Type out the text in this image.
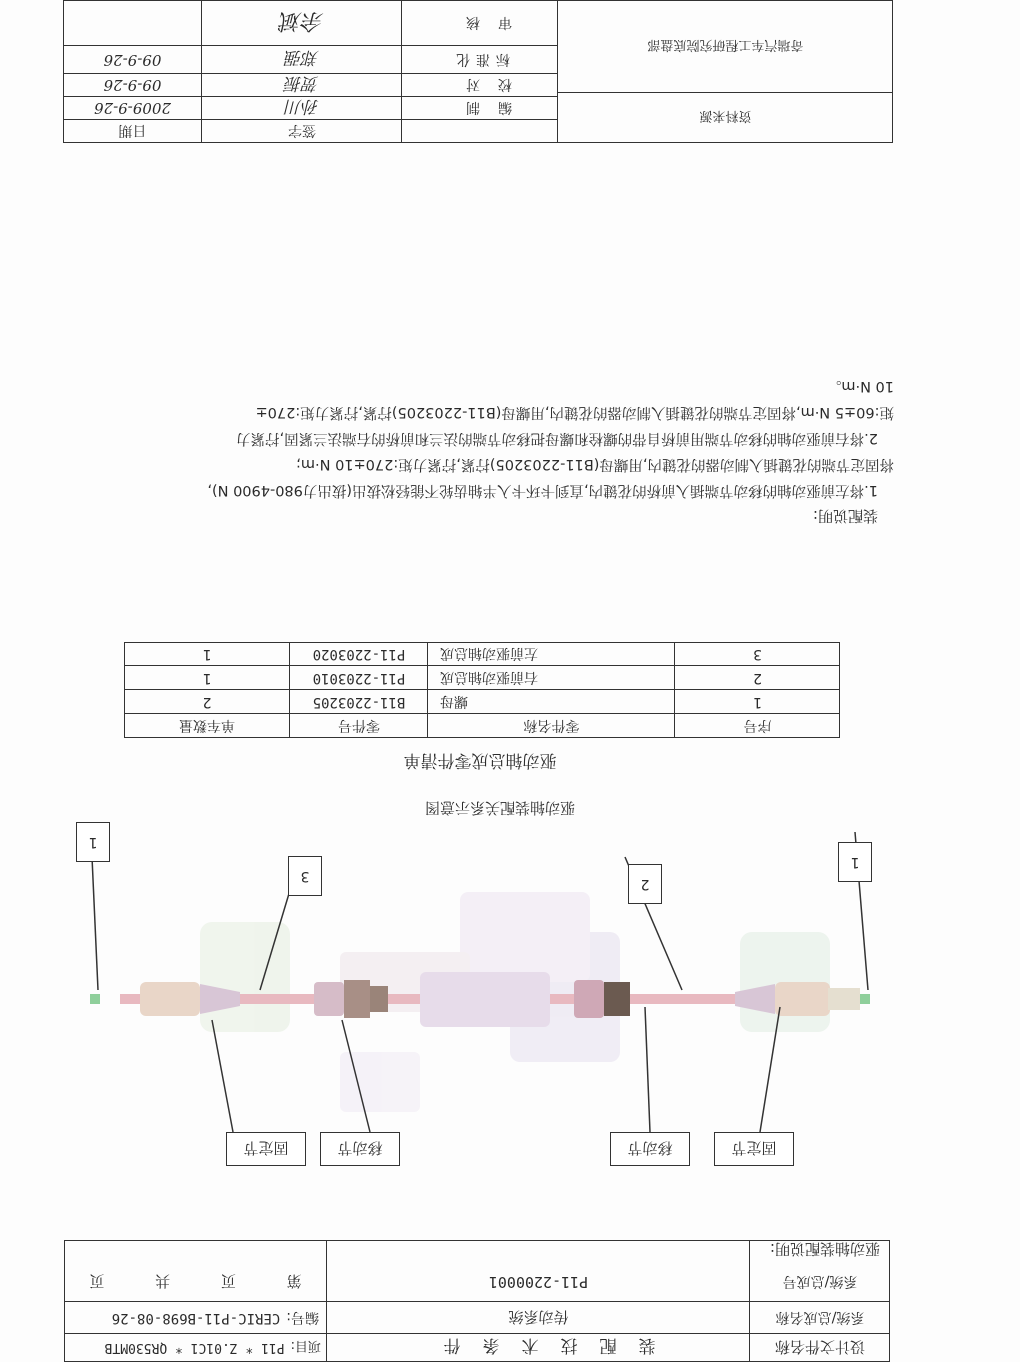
设计文件名称
装配技术条件
项目:
P11 * Z.01C1 * QR530MTB
系统/总成名称
传动系统
编号:
CERIC-P11-B698-08-26
系统/总成号
P11-2200001
第
页
共
页
驱动轴装配说明:
固定节
移动节
移动节
固定节
1
2
3
1
驱动轴装配关系示意图
驱动轴总成零件清单
序号
零件名称
零件号
单车数量
1
螺母
B11-2203205
2
2
右前驱动轴总成
P11-2203010
1
3
左前驱动轴总成
P11-2203020
1
装配说明:
1.将左前驱动轴的移动节端插入前桥的花键内,直到卡环卡入半轴齿轮不能轻松拔出(拔出力980-4900 N),
将固定节端的花键插入制动器的花键内,用螺母(B11-2203205)拧紧,拧紧力矩:270±10 N·m;
2.将右前驱动轴的移动节端用前桥自带的螺栓和螺母把移动节端的法兰和前桥的右端法兰紧固,拧紧力
矩:60±5 N·m,将固定节端的花键插入制动器的花键内,用螺母(B11-2203205)拧紧,拧紧力矩:270±
10 N·m。
资料来源
奇瑞汽车工程研究院底盘部
签字
日期
编制
校对
标准化
审核
孙川
贺振
郑强
余斌
2009-9-26
09-9-26
09-9-26
